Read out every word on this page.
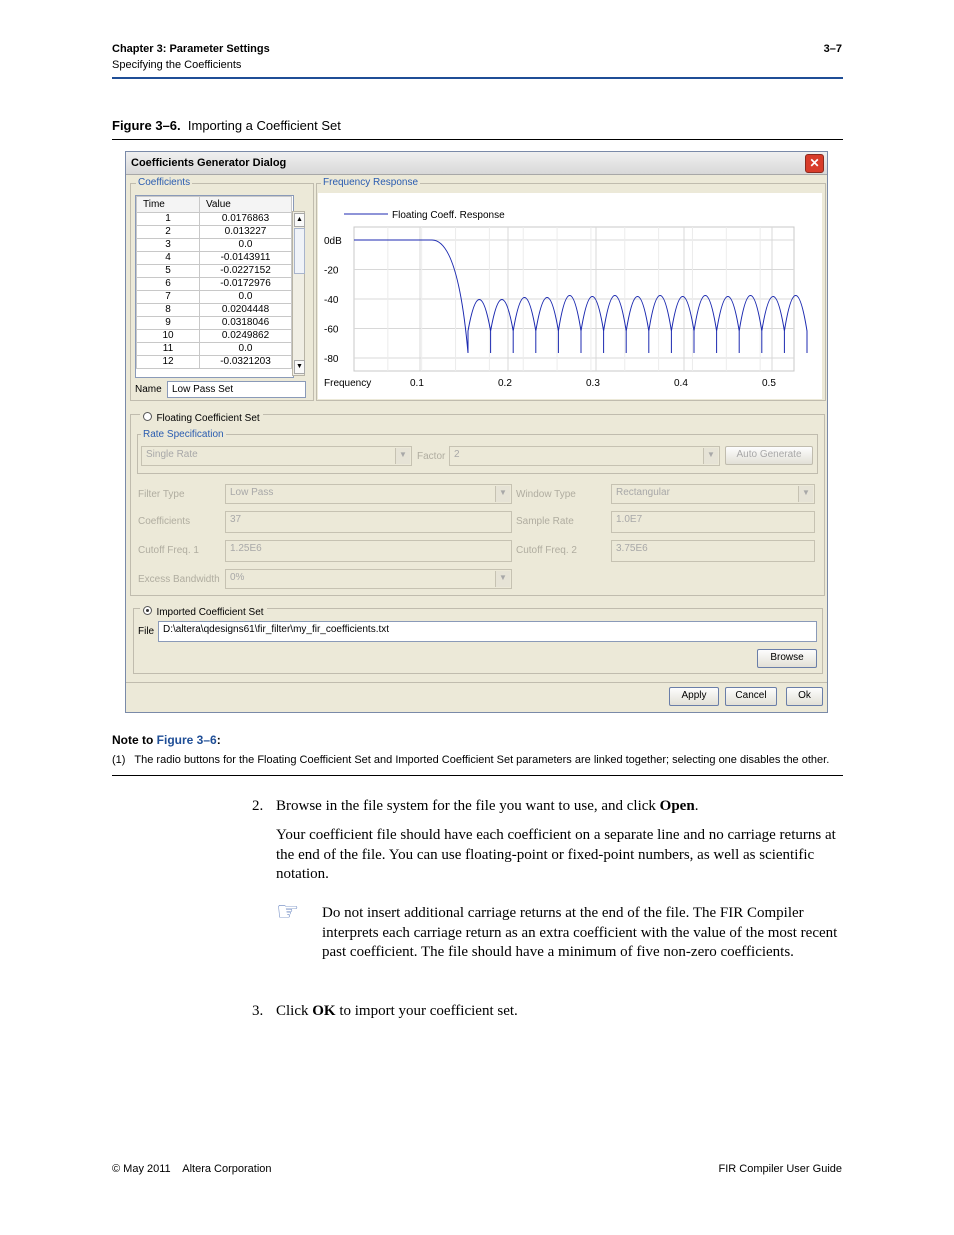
Chapter 3: Parameter Settings
Specifying the Coefficients
3–7
Figure 3–6. Importing a Coefficient Set
Coefficients Generator Dialog	✕
Coefficients
Time	Value
1	0.0176863
2	0.013227
3	0.0
4	-0.0143911
5	-0.0227152
6	-0.0172976
7	0.0
8	0.0204448
9	0.0318046
10	0.0249862
11	0.0
12	-0.0321203
▲
▼
Name	Low Pass Set
Frequency Response
Floating Coeff. Response
0dB
-20
-40
-60
-80
0.1	0.2	0.3	0.4	0.5
Frequency
Floating Coefficient Set
Rate Specification
Single Rate	▼	Factor 2	▼	Auto Generate
Filter Type	Low Pass	▼ Window Type	Rectangular	▼
Coefficients	37	Sample Rate	1.0E7
Cutoff Freq. 1	1.25E6	Cutoff Freq. 2	3.75E6
Excess Bandwidth	0%	▼
Imported Coefficient Set
File D:\altera\qdesigns61\fir_filter\my_fir_coefficients.txt
Browse
Apply	Cancel	Ok
Note to Figure 3–6:
(1)   The radio buttons for the Floating Coefficient Set and Imported Coefficient Set parameters are linked together; selecting one disables the other.
2. Browse in the file system for the file you want to use, and click Open.
Your coefficient file should have each coefficient on a separate line and no carriage returns at the end of the file. You can use floating-point or fixed-point numbers, as well as scientific notation.
☞ Do not insert additional carriage returns at the end of the file. The FIR Compiler interprets each carriage return as an extra coefficient with the value of the most recent past coefficient. The file should have a minimum of five non-zero coefficients.
3. Click OK to import your coefficient set.
© May 2011    Altera Corporation	FIR Compiler User Guide
